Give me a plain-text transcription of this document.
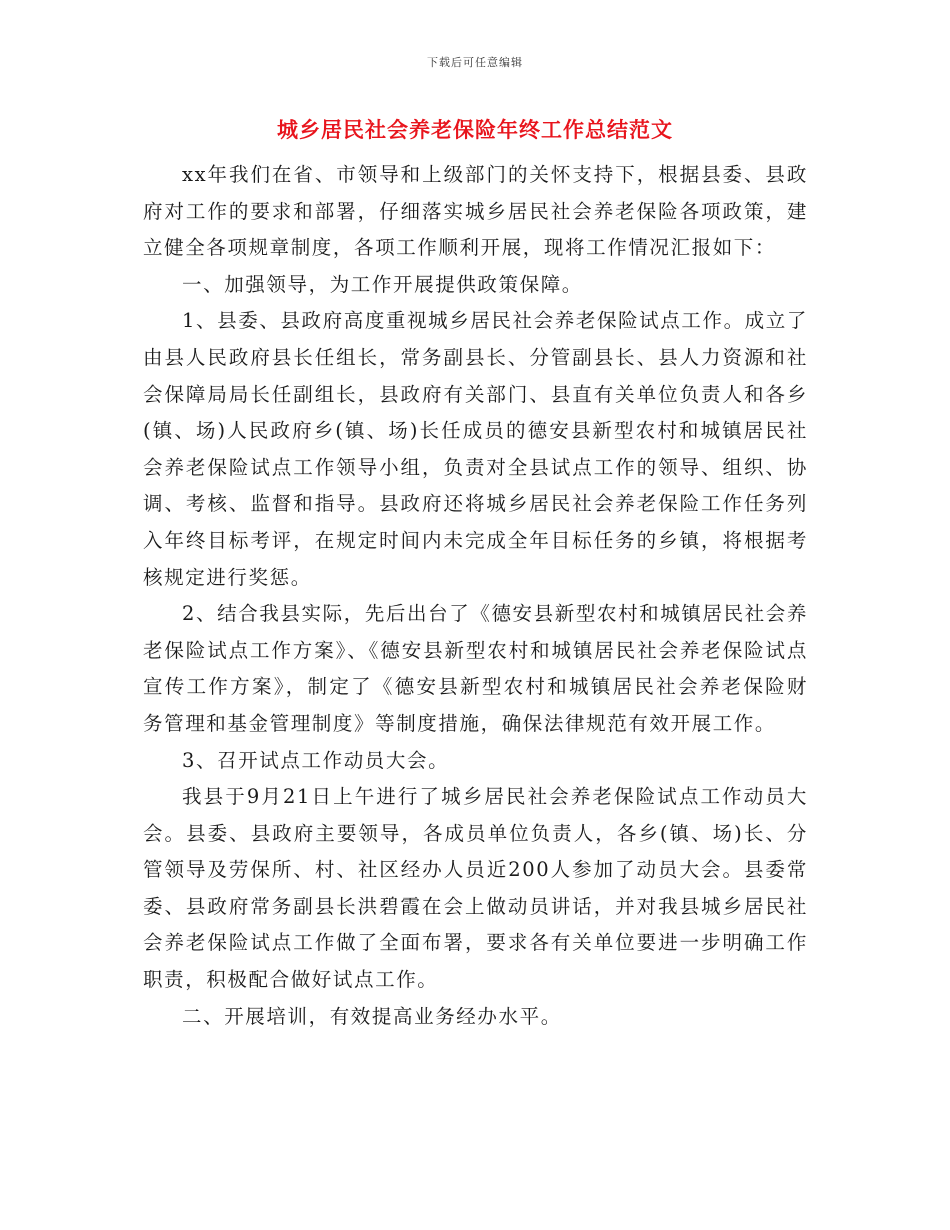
下载后可任意编辑
城乡居民社会养老保险年终工作总结范文

xx年我们在省、市领导和上级部门的关怀支持下，根据县委、县政府对工作的要求和部署，仔细落实城乡居民社会养老保险各项政策，建立健全各项规章制度，各项工作顺利开展，现将工作情况汇报如下：

一、加强领导，为工作开展提供政策保障。

1、县委、县政府高度重视城乡居民社会养老保险试点工作。成立了由县人民政府县长任组长，常务副县长、分管副县长、县人力资源和社会保障局局长任副组长，县政府有关部门、县直有关单位负责人和各乡(镇、场)人民政府乡(镇、场)长任成员的德安县新型农村和城镇居民社会养老保险试点工作领导小组，负责对全县试点工作的领导、组织、协调、考核、监督和指导。县政府还将城乡居民社会养老保险工作任务列入年终目标考评，在规定时间内未完成全年目标任务的乡镇，将根据考核规定进行奖惩。

2、结合我县实际，先后出台了《德安县新型农村和城镇居民社会养老保险试点工作方案》、《德安县新型农村和城镇居民社会养老保险试点宣传工作方案》，制定了《德安县新型农村和城镇居民社会养老保险财务管理和基金管理制度》等制度措施，确保法律规范有效开展工作。

3、召开试点工作动员大会。

我县于9月21日上午进行了城乡居民社会养老保险试点工作动员大会。县委、县政府主要领导，各成员单位负责人，各乡(镇、场)长、分管领导及劳保所、村、社区经办人员近200人参加了动员大会。县委常委、县政府常务副县长洪碧霞在会上做动员讲话，并对我县城乡居民社会养老保险试点工作做了全面布署，要求各有关单位要进一步明确工作职责，积极配合做好试点工作。

二、开展培训，有效提高业务经办水平。
